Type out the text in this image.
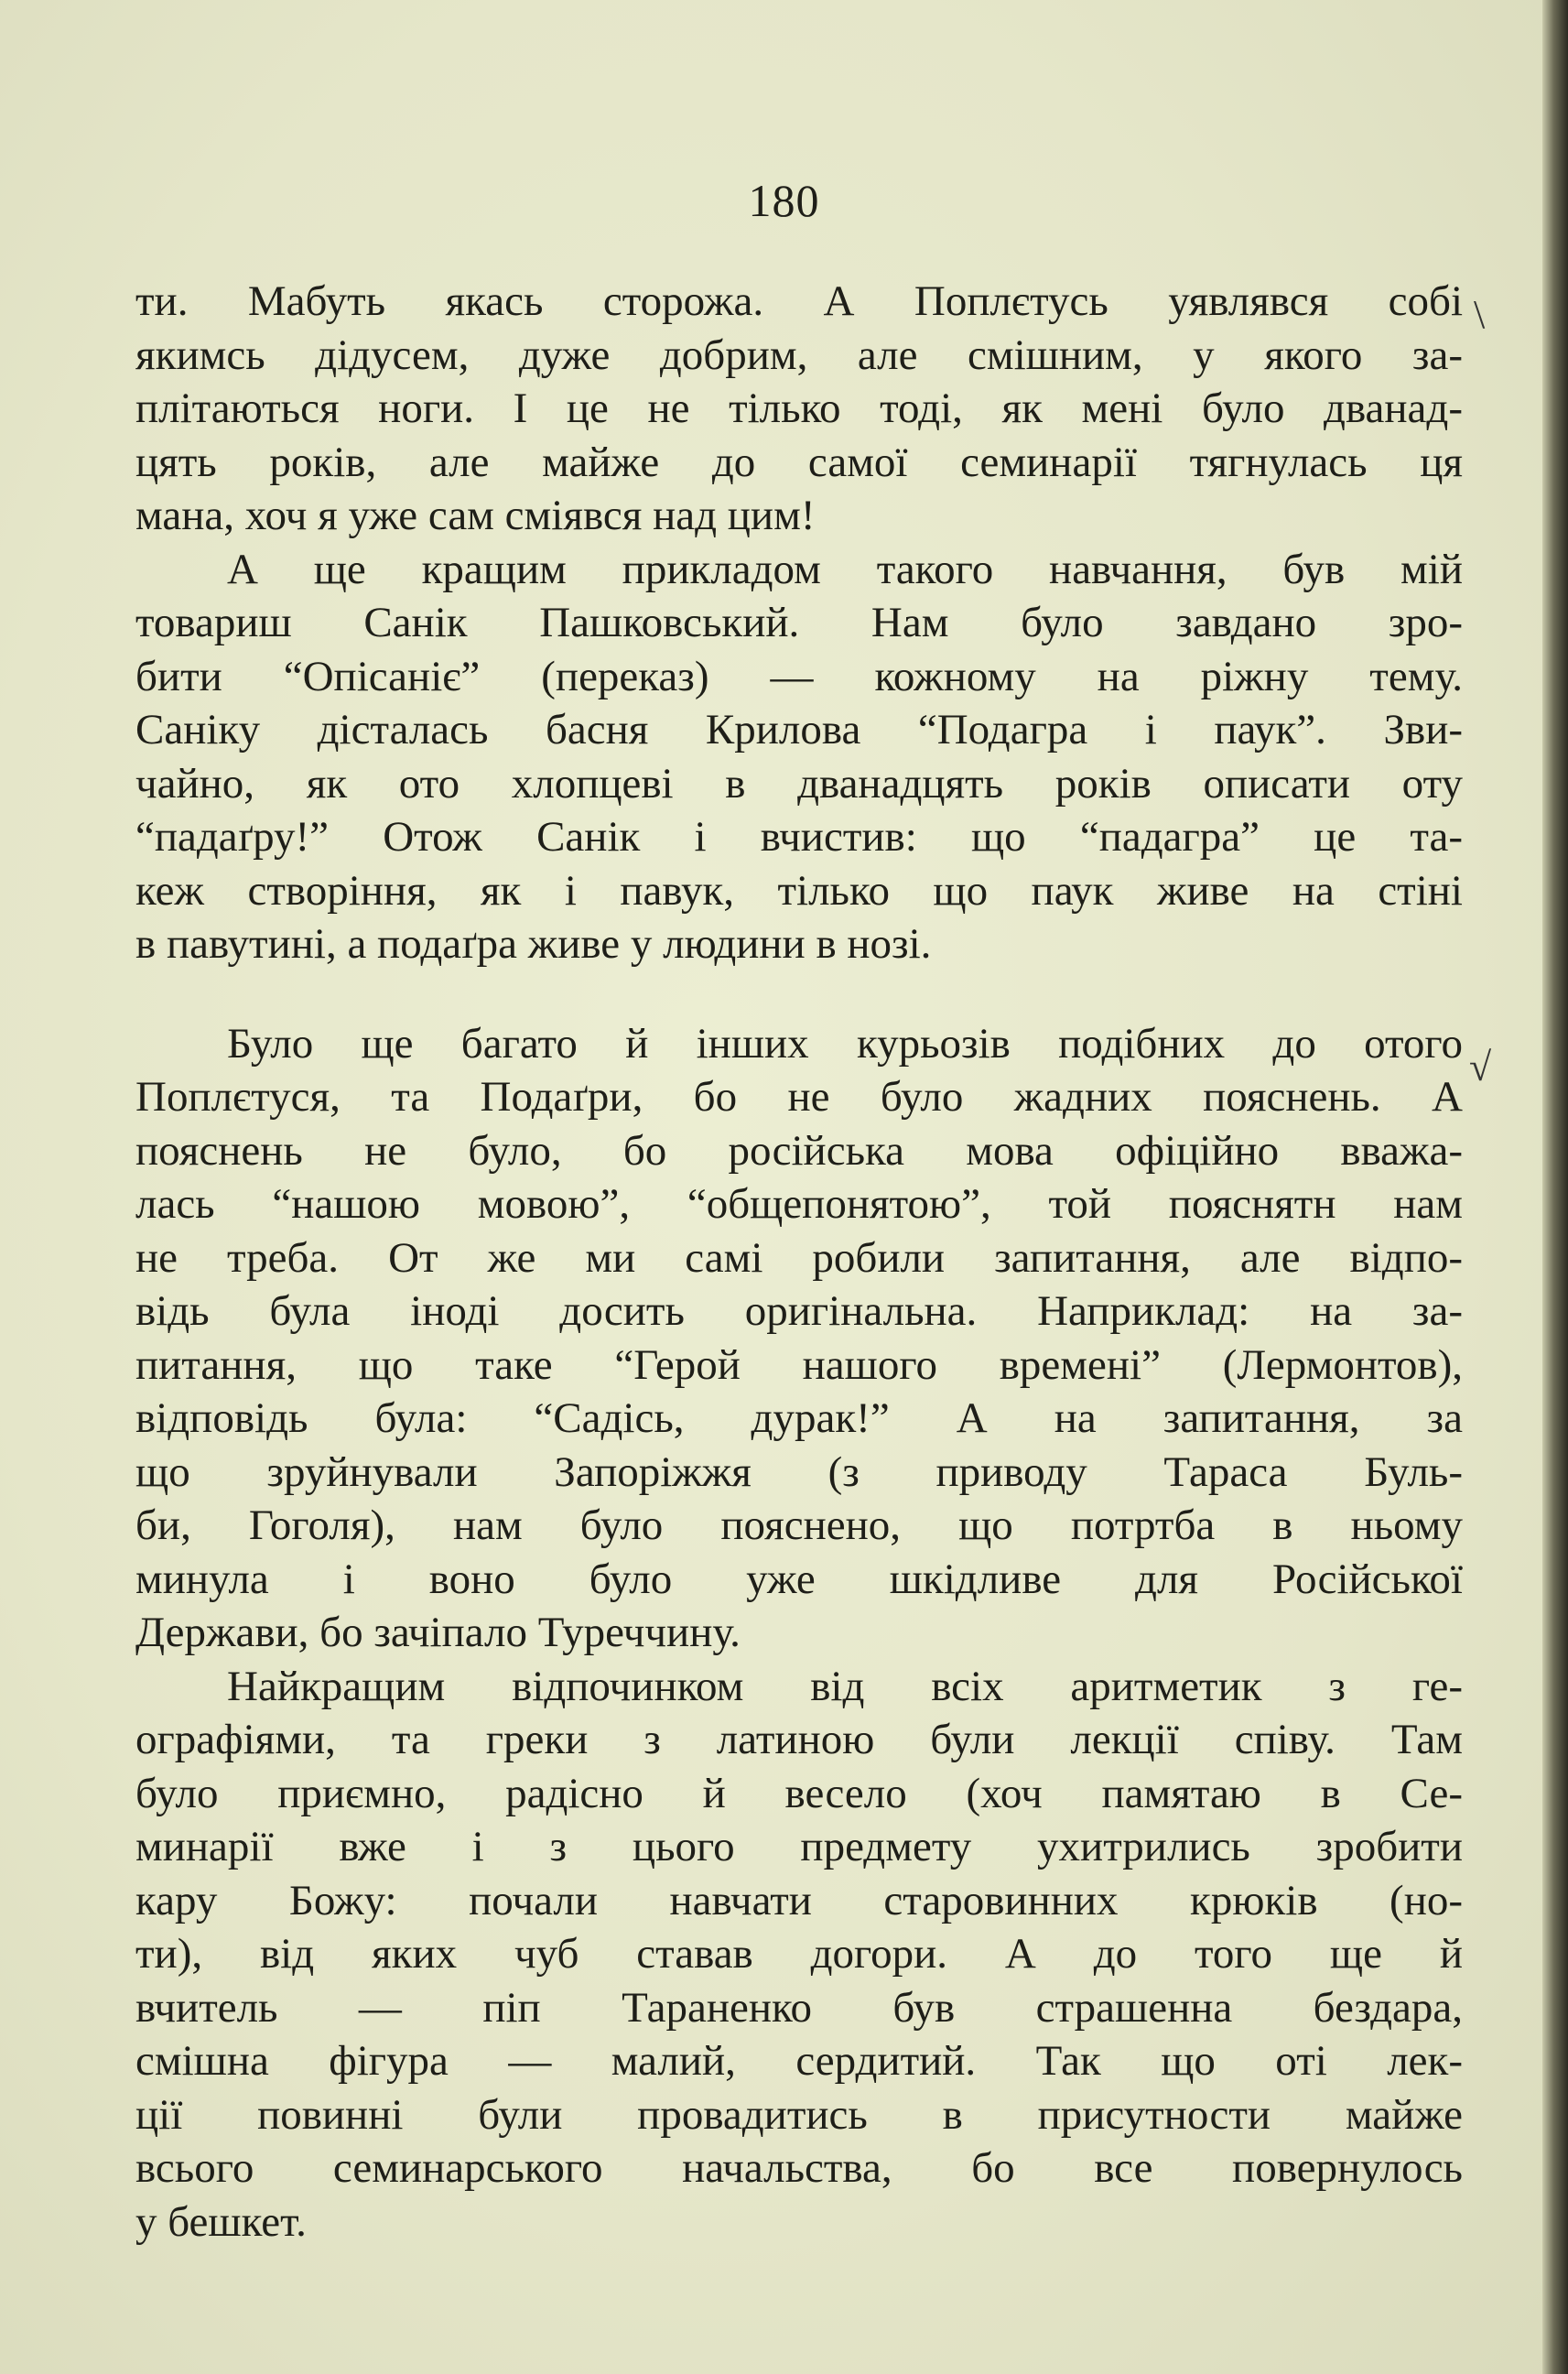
180
ти. Мабуть якась сторожа. А Поплєтусь уявлявся собі
якимсь дідусем, дуже добрим, але смішним, у якого за-
плітаються ноги. І це не тілько тоді, як мені було дванад-
цять років, але майже до самої семинарії тягнулась ця
мана, хоч я уже сам сміявся над цим!
А ще кращим прикладом такого навчання, був мій
товариш Санік Пашковський. Нам було завдано зро-
бити “Опісаніє” (переказ) — кожному на ріжну тему.
Саніку дісталась басня Крилова “Подагра і паук”. Зви-
чайно, як ото хлопцеві в дванадцять років описати оту
“падаґру!” Отож Санік і вчистив: що “падагра” це та-
кеж створіння, як і павук, тілько що паук живе на стіні
в павутині, а подаґра живе у людини в нозі.
Було ще багато й інших курьозів подібних до отого
Поплєтуся, та Подаґри, бо не було жадних пояснень. А
пояснень не було, бо російська мова офіційно вважа-
лась “нашою мовою”, “общепонятою”, той пояснятн нам
не треба. От же ми самі робили запитання, але відпо-
відь була іноді досить оригінальна. Наприклад: на за-
питання, що таке “Герой нашого времені” (Лермонтов),
відповідь була: “Садісь, дурак!” А на запитання, за
що зруйнували Запоріжжя (з приводу Тараса Буль-
би, Гоголя), нам було пояснено, що потртба в ньому
минула і воно було уже шкідливе для Російської
Держави, бо зачіпало Туреччину.
Найкращим відпочинком від всіх аритметик з ге-
ографіями, та греки з латиною були лекції співу. Там
було приємно, радісно й весело (хоч памятаю в Се-
минарії вже і з цього предмету ухитрились зробити
кару Божу: почали навчати старовинних крюків (но-
ти), від яких чуб ставав догори. А до того ще й
вчитель — піп Тараненко був страшенна бездара,
смішна фігура — малий, сердитий. Так що оті лек-
ції повинні були провадитись в присутности майже
всього семинарського начальства, бо все повернулось
у бешкет.
\
√
